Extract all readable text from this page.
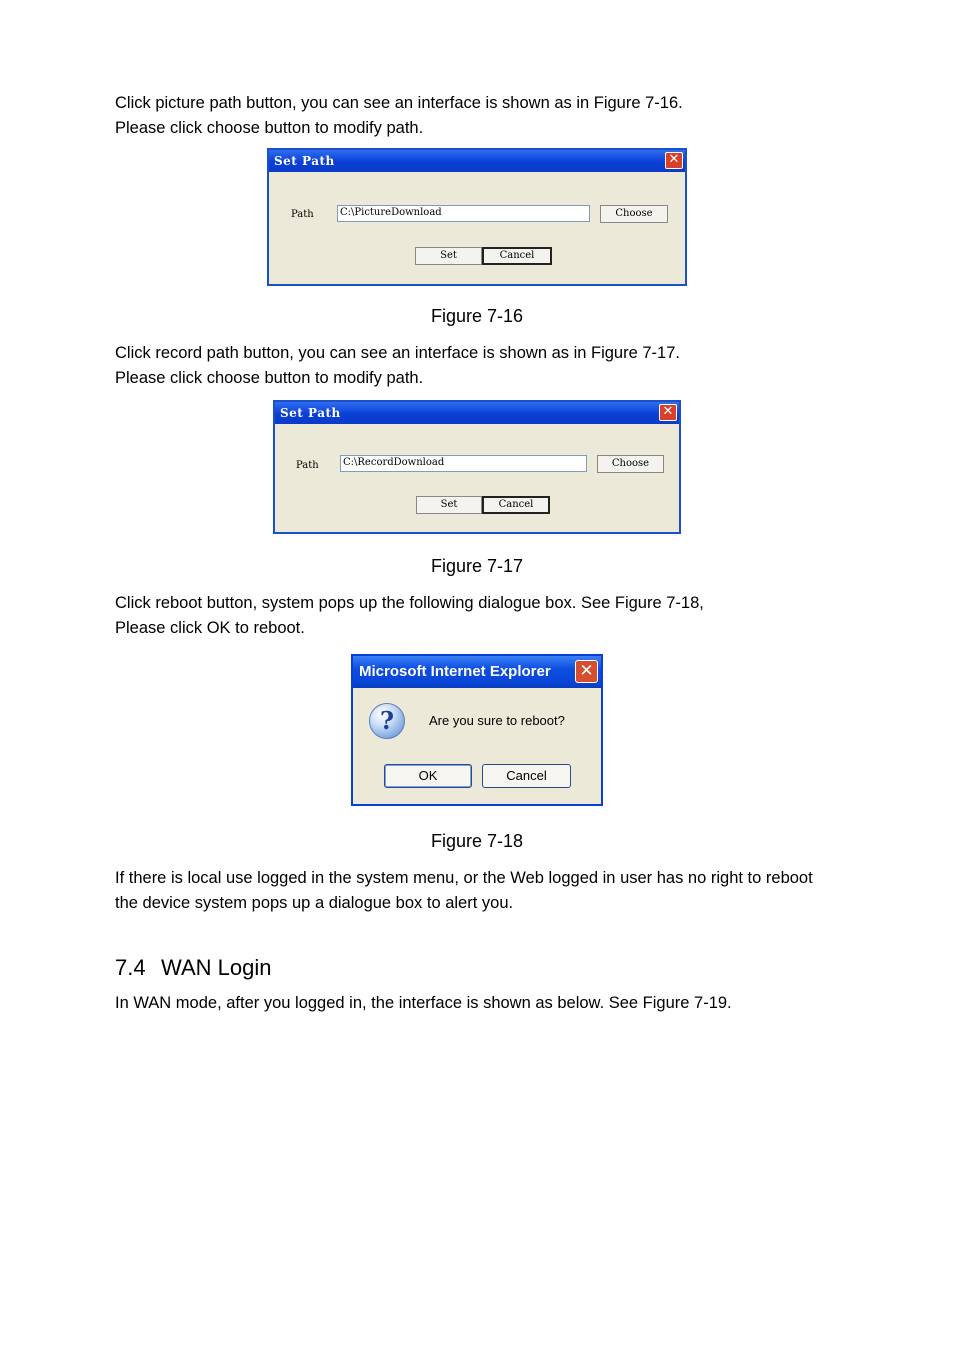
Click picture path button, you can see an interface is shown as in Figure 7-16.
Please click choose button to modify path.

Set Path	✕
Path	C:\PictureDownload	Choose
Set	Cancel
Figure 7-16

Click record path button, you can see an interface is shown as in Figure 7-17.
Please click choose button to modify path.

Set Path	✕
Path	C:\RecordDownload	Choose
Set	Cancel
Figure 7-17

Click reboot button, system pops up the following dialogue box. See Figure 7-18,
Please click OK to reboot.

Microsoft Internet Explorer	✕
?	Are you sure to reboot?
OK	Cancel
Figure 7-18

If there is local use logged in the system menu, or the Web logged in user has no right to reboot
the device system pops up a dialogue box to alert you.

7.4 WAN Login

In WAN mode, after you logged in, the interface is shown as below. See Figure 7-19.
